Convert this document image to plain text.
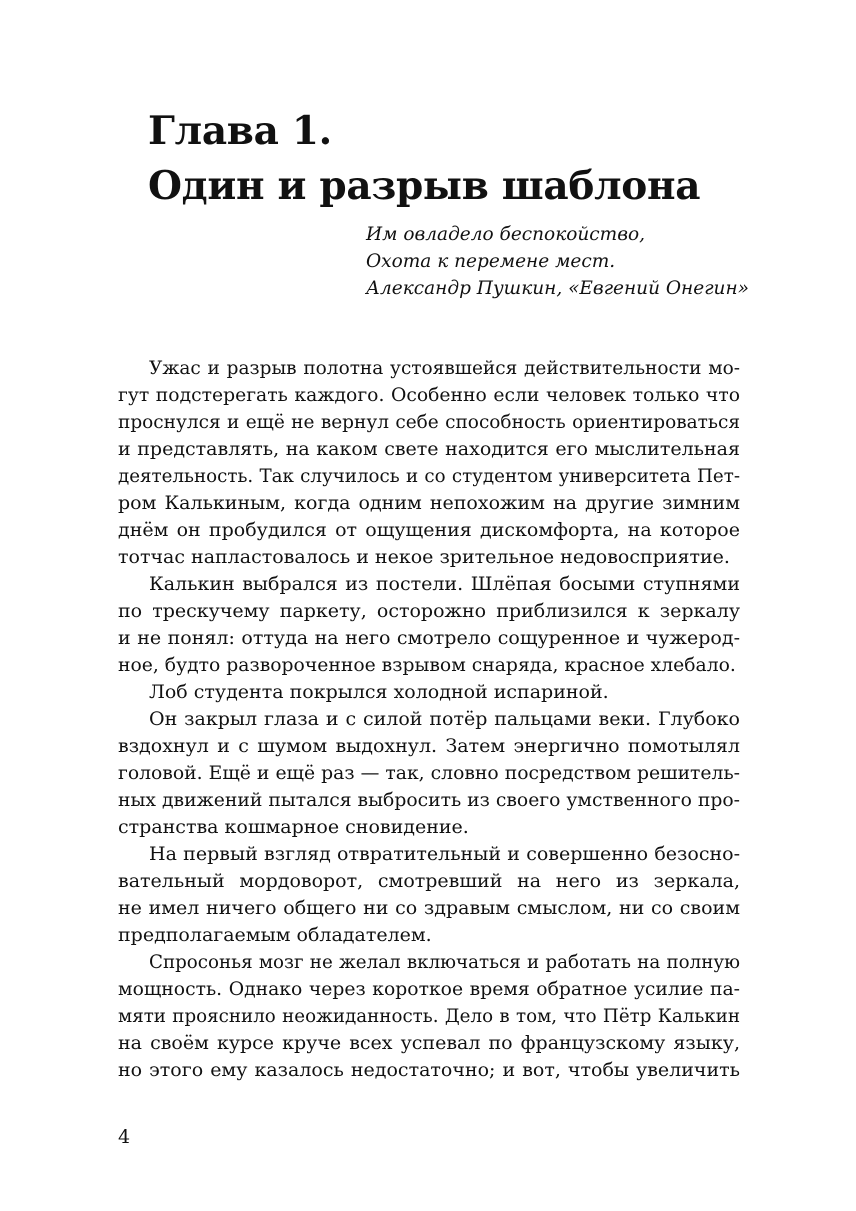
Глава 1.
Один и разрыв шаблона
Им овладело беспокойство,
Охота к перемене мест.
Александр Пушкин, «Евгений Онегин»
Ужас и разрыв полотна устоявшейся действительности мо-
гут подстерегать каждого. Особенно если человек только что
проснулся и ещё не вернул себе способность ориентироваться
и представлять, на каком свете находится его мыслительная
деятельность. Так случилось и со студентом университета Пет-
ром Калькиным, когда одним непохожим на другие зимним
днём он пробудился от ощущения дискомфорта, на которое
тотчас напластовалось и некое зрительное недовосприятие.
Калькин выбрался из постели. Шлёпая босыми ступнями
по трескучему паркету, осторожно приблизился к зеркалу
и не понял: оттуда на него смотрело сощуренное и чужерод-
ное, будто развороченное взрывом снаряда, красное хлебало.
Лоб студента покрылся холодной испариной.
Он закрыл глаза и с силой потёр пальцами веки. Глубоко
вздохнул и с шумом выдохнул. Затем энергично помотылял
головой. Ещё и ещё раз — так, словно посредством решитель-
ных движений пытался выбросить из своего умственного про-
странства кошмарное сновидение.
На первый взгляд отвратительный и совершенно безосно-
вательный мордоворот, смотревший на него из зеркала,
не имел ничего общего ни со здравым смыслом, ни со своим
предполагаемым обладателем.
Спросонья мозг не желал включаться и работать на полную
мощность. Однако через короткое время обратное усилие па-
мяти прояснило неожиданность. Дело в том, что Пётр Калькин
на своём курсе круче всех успевал по французскому языку,
но этого ему казалось недостаточно; и вот, чтобы увеличить
4
